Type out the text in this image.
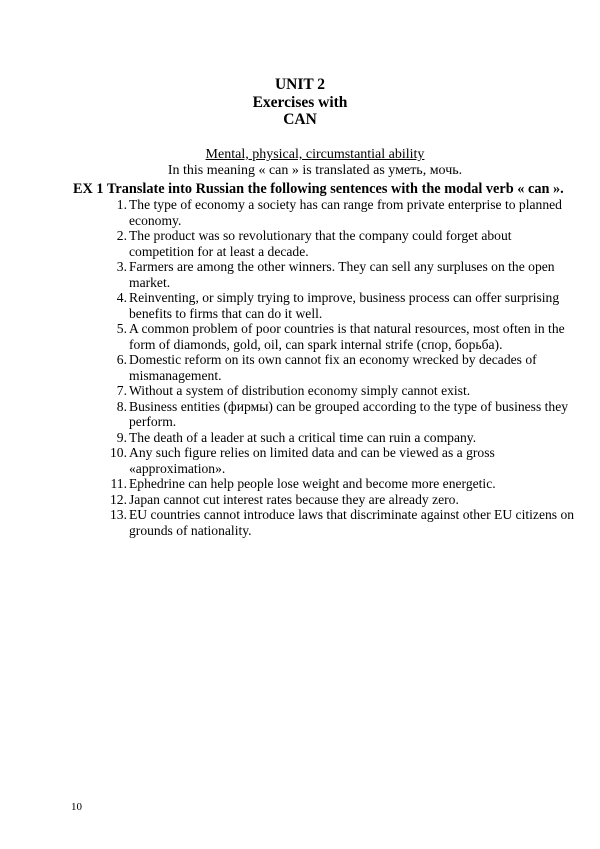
UNIT 2
Exercises with
CAN
Mental, physical, circumstantial ability
In this meaning « can » is translated as уметь, мочь.
EX 1 Translate into Russian the following sentences with the modal verb « can ».
1. The type of economy a society has can range from private enterprise to planned economy.
2. The product was so revolutionary that the company could forget about competition for at least a decade.
3. Farmers are among the other winners. They can sell any surpluses on the open market.
4. Reinventing, or simply trying to improve, business process can offer surprising benefits to firms that can do it well.
5. A common problem of poor countries is that natural resources, most often in the form of diamonds, gold, oil, can spark internal strife (спор, борьба).
6. Domestic reform on its own cannot fix an economy wrecked by decades of mismanagement.
7. Without a system of distribution economy simply cannot exist.
8. Business entities (фирмы) can be grouped according to the type of business they perform.
9. The death of a leader at such a critical time can ruin a company.
10. Any such figure relies on limited data and can be viewed as a gross «approximation».
11. Ephedrine can help people lose weight and become more energetic.
12. Japan cannot cut interest rates because they are already zero.
13. EU countries cannot introduce laws that discriminate against other EU citizens on grounds of nationality.
10
